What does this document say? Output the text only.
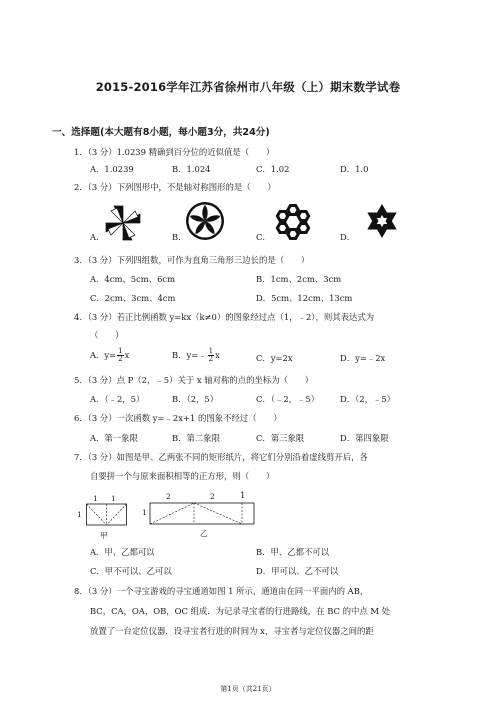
2015-2016学年江苏省徐州市八年级（上）期末数学试卷
一、选择题(本大题有8小题，每小题3分，共24分)
1．（3 分）1.0239 精确到百分位的近似值是（　　）
A．1.0239	B．1.024	C．1.02	D．1.0
2．（3 分）下列图形中，不是轴对称图形的是（　　）
A．	B．	C．	D．
3．（3 分）下列四组数，可作为直角三角形三边长的是（　　）
A．4cm、5cm、6cm	B．1cm、2cm、3cm
C．2cm、3cm、4cm	D．5cm、12cm、13cm
4．（3 分）若正比例函数 y=kx（k≠0）的图象经过点（1，﹣2），则其表达式为
（　　）
A．$y= \frac{1}{2}$ x	B．y=﹣ $\frac{1}{2}$ x	C．y=2x	D．y=﹣2x
5．（3 分）点 P（2，﹣5）关于 x 轴对称的点的坐标为（　　）
A．（﹣2，5）	B．（2，5）	C．（﹣2，﹣5） D．（2，﹣5）
6．（3 分）一次函数 y=﹣2x+1 的图象不经过（　　）
A．第一象限	B．第二象限	C．第三象限	D．第四象限
7．（3 分）如图是甲、乙两张不同的矩形纸片，将它们分别沿着虚线剪开后，各
自要拼一个与原来面积相等的正方形，则（　　）
1 1
1
甲
2	2	1
1
乙
A．甲、乙都可以	B．甲、乙都不可以
C．甲不可以、乙可以	D．甲可以、乙不可以
8．（3 分）一个寻宝游戏的寻宝通道如图 1 所示，通道由在同一平面内的 AB，
BC，CA，OA，OB，OC 组成．为记录寻宝者的行进路线，在 BC 的中点 M 处
放置了一台定位仪器．设寻宝者行进的时间为 x，寻宝者与定位仪器之间的距
第1页（共21页）
